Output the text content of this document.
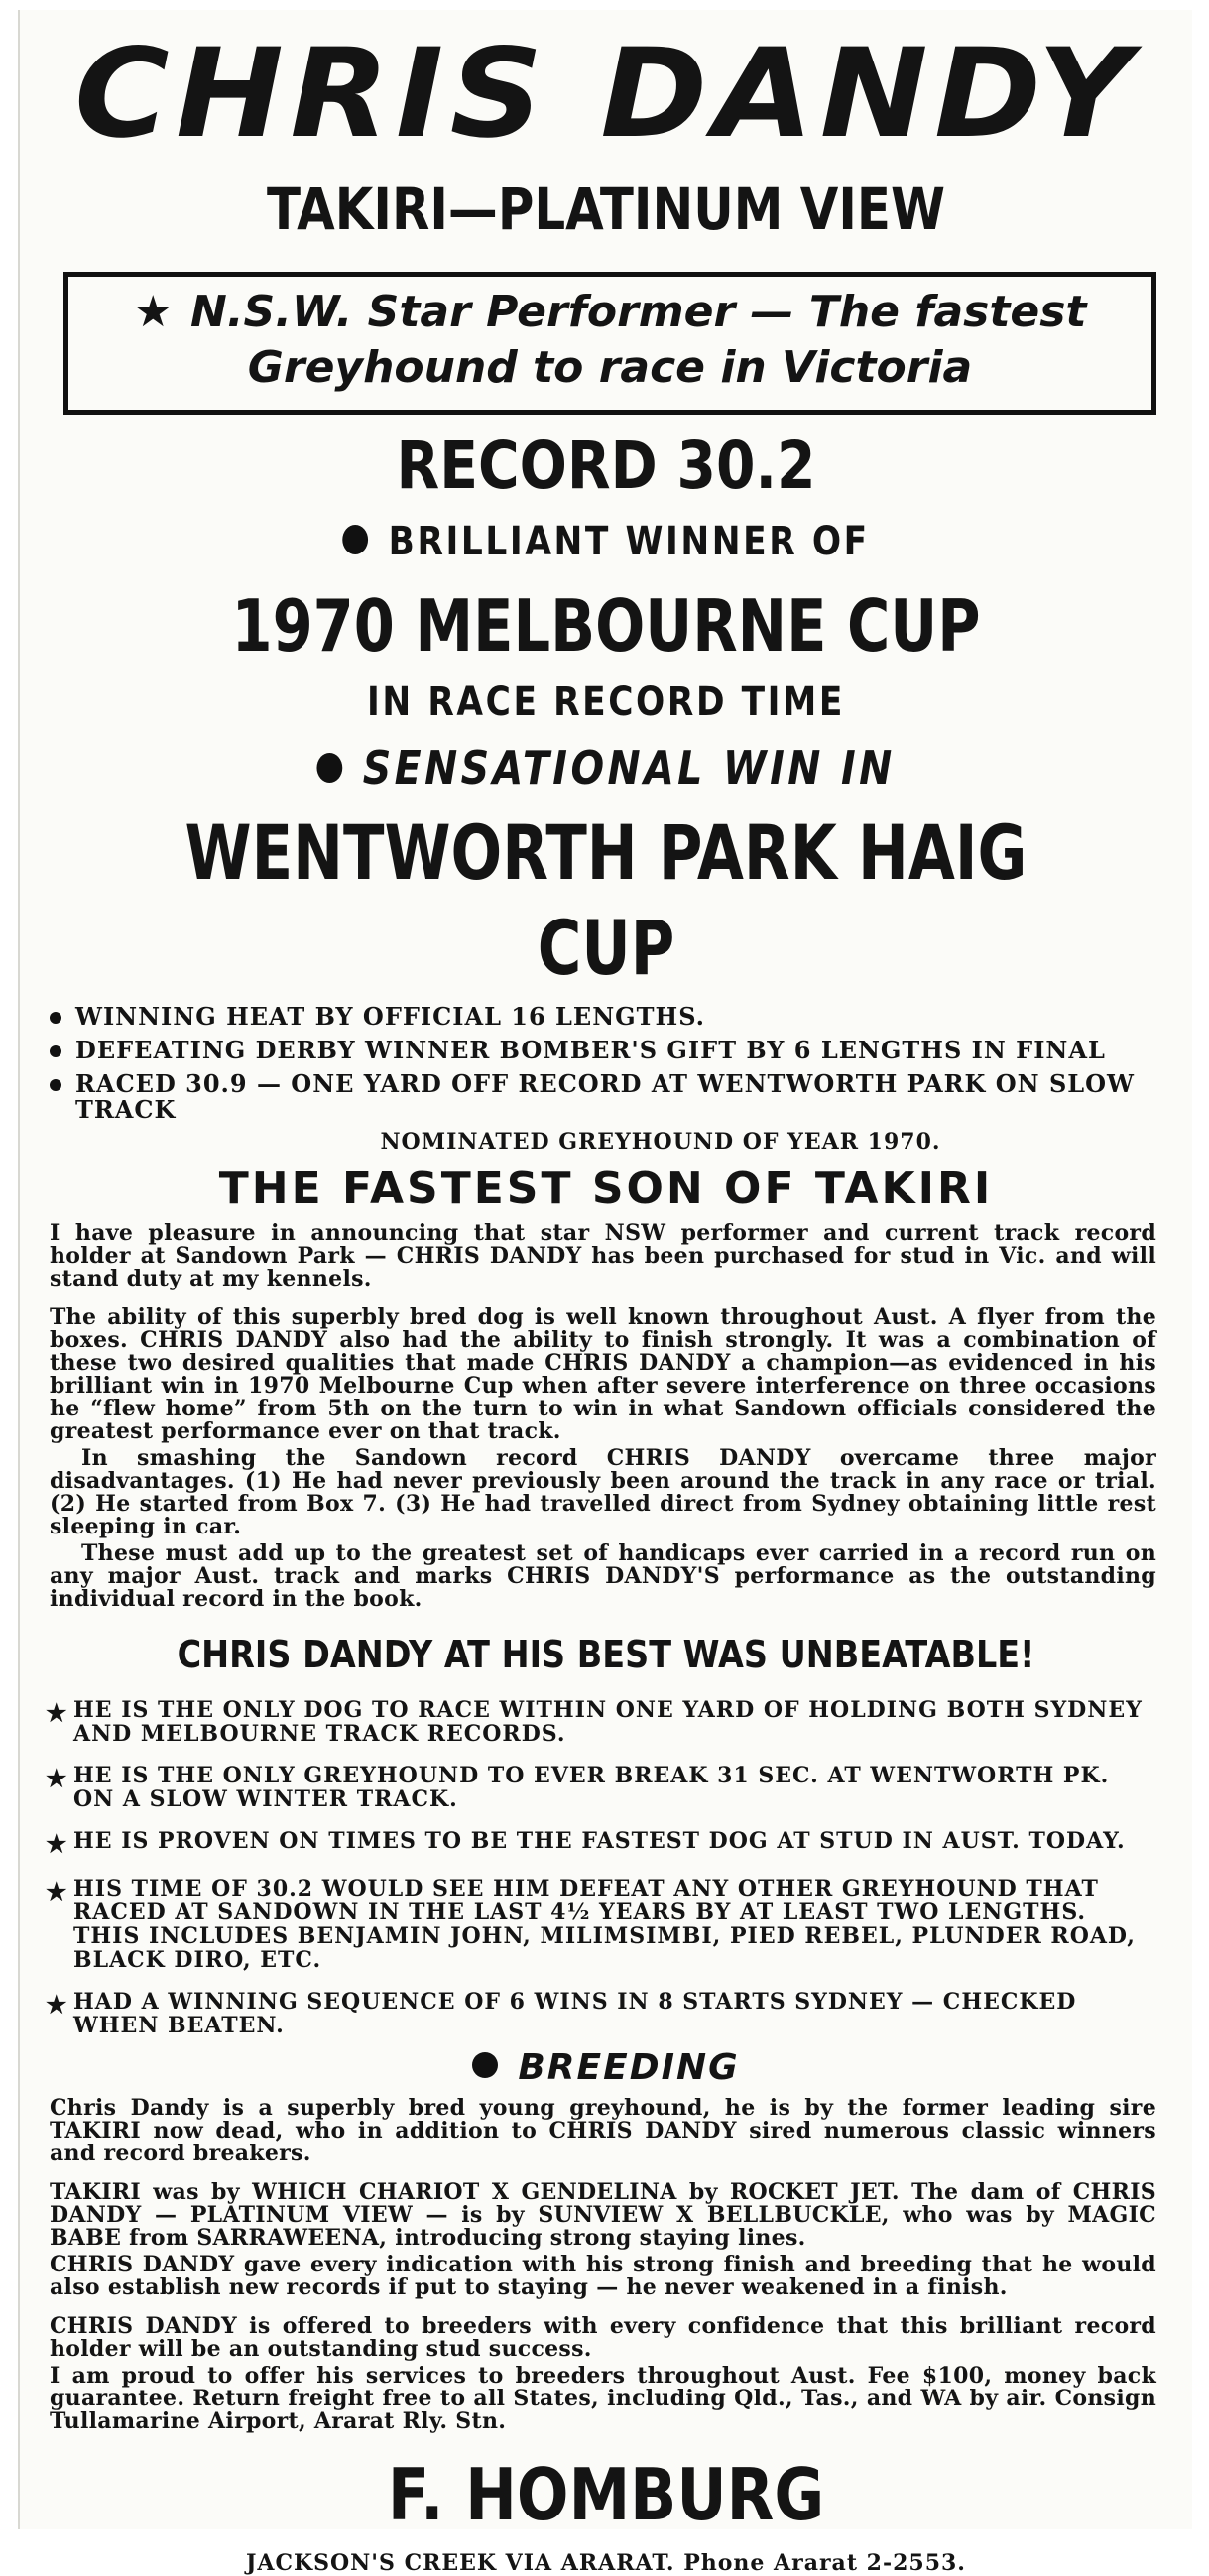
CHRIS DANDY
TAKIRI—PLATINUM VIEW
★ N.S.W. Star Performer — The fastest
Greyhound to race in Victoria
RECORD 30.2
BRILLIANT WINNER OF
1970 MELBOURNE CUP
IN RACE RECORD TIME
SENSATIONAL WIN IN
WENTWORTH PARK HAIG CUP
WINNING HEAT BY OFFICIAL 16 LENGTHS.
DEFEATING DERBY WINNER BOMBER'S GIFT BY 6 LENGTHS IN FINAL
RACED 30.9 — ONE YARD OFF RECORD AT WENTWORTH PARK ON SLOW TRACK
NOMINATED GREYHOUND OF YEAR 1970.
THE FASTEST SON OF TAKIRI
I have pleasure in announcing that star NSW performer and current track record holder at Sandown Park — CHRIS DANDY has been purchased for stud in Vic. and will stand duty at my kennels.
The ability of this superbly bred dog is well known throughout Aust. A flyer from the boxes. CHRIS DANDY also had the ability to finish strongly. It was a combination of these two desired qualities that made CHRIS DANDY a champion—as evidenced in his brilliant win in 1970 Melbourne Cup when after severe interference on three occasions he “flew home” from 5th on the turn to win in what Sandown officials considered the greatest performance ever on that track.
In smashing the Sandown record CHRIS DANDY overcame three major disadvantages. (1) He had never previously been around the track in any race or trial. (2) He started from Box 7. (3) He had travelled direct from Sydney obtaining little rest sleeping in car.
These must add up to the greatest set of handicaps ever carried in a record run on any major Aust. track and marks CHRIS DANDY'S performance as the outstanding individual record in the book.
CHRIS DANDY AT HIS BEST WAS UNBEATABLE!
★ HE IS THE ONLY DOG TO RACE WITHIN ONE YARD OF HOLDING BOTH SYDNEY AND MELBOURNE TRACK RECORDS.
★ HE IS THE ONLY GREYHOUND TO EVER BREAK 31 SEC. AT WENTWORTH PK. ON A SLOW WINTER TRACK.
★ HE IS PROVEN ON TIMES TO BE THE FASTEST DOG AT STUD IN AUST. TODAY.
★ HIS TIME OF 30.2 WOULD SEE HIM DEFEAT ANY OTHER GREYHOUND THAT RACED AT SANDOWN IN THE LAST 4½ YEARS BY AT LEAST TWO LENGTHS. THIS INCLUDES BENJAMIN JOHN, MILIMSIMBI, PIED REBEL, PLUNDER ROAD, BLACK DIRO, ETC.
★ HAD A WINNING SEQUENCE OF 6 WINS IN 8 STARTS SYDNEY — CHECKED WHEN BEATEN.
BREEDING
Chris Dandy is a superbly bred young greyhound, he is by the former leading sire TAKIRI now dead, who in addition to CHRIS DANDY sired numerous classic winners and record breakers.
TAKIRI was by WHICH CHARIOT X GENDELINA by ROCKET JET. The dam of CHRIS DANDY — PLATINUM VIEW — is by SUNVIEW X BELLBUCKLE, who was by MAGIC BABE from SARRAWEENA, introducing strong staying lines.
CHRIS DANDY gave every indication with his strong finish and breeding that he would also establish new records if put to staying — he never weakened in a finish.
CHRIS DANDY is offered to breeders with every confidence that this brilliant record holder will be an outstanding stud success.
I am proud to offer his services to breeders throughout Aust. Fee $100, money back guarantee. Return freight free to all States, including Qld., Tas., and WA by air. Consign Tullamarine Airport, Ararat Rly. Stn.
F. HOMBURG
JACKSON'S CREEK VIA ARARAT. Phone Ararat 2-2553.
